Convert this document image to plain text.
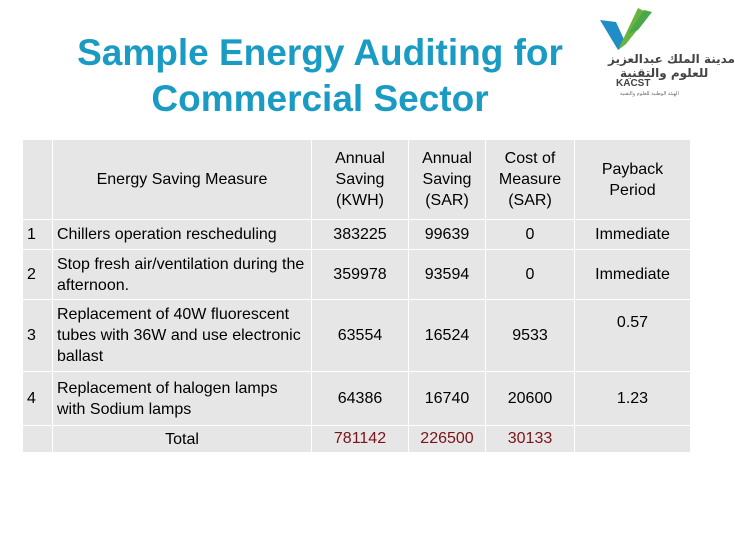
Sample Energy Auditing for
Commercial Sector
مدينة الملك عبدالعزيز
للعلوم والتقنية
KACST
الهيئة الوطنية للعلوم والتقنية
	Energy Saving Measure	Annual Saving (KWH)	Annual Saving (SAR)	Cost of Measure (SAR)	Payback Period
1	Chillers operation rescheduling	383225	99639	0	Immediate
2	Stop fresh air/ventilation during the afternoon.	359978	93594	0	Immediate
3	Replacement of 40W fluorescent tubes with 36W and use electronic ballast	63554	16524	9533	0.57
4	Replacement of halogen lamps with Sodium lamps	64386	16740	20600	1.23
	Total	781142	226500	30133	
